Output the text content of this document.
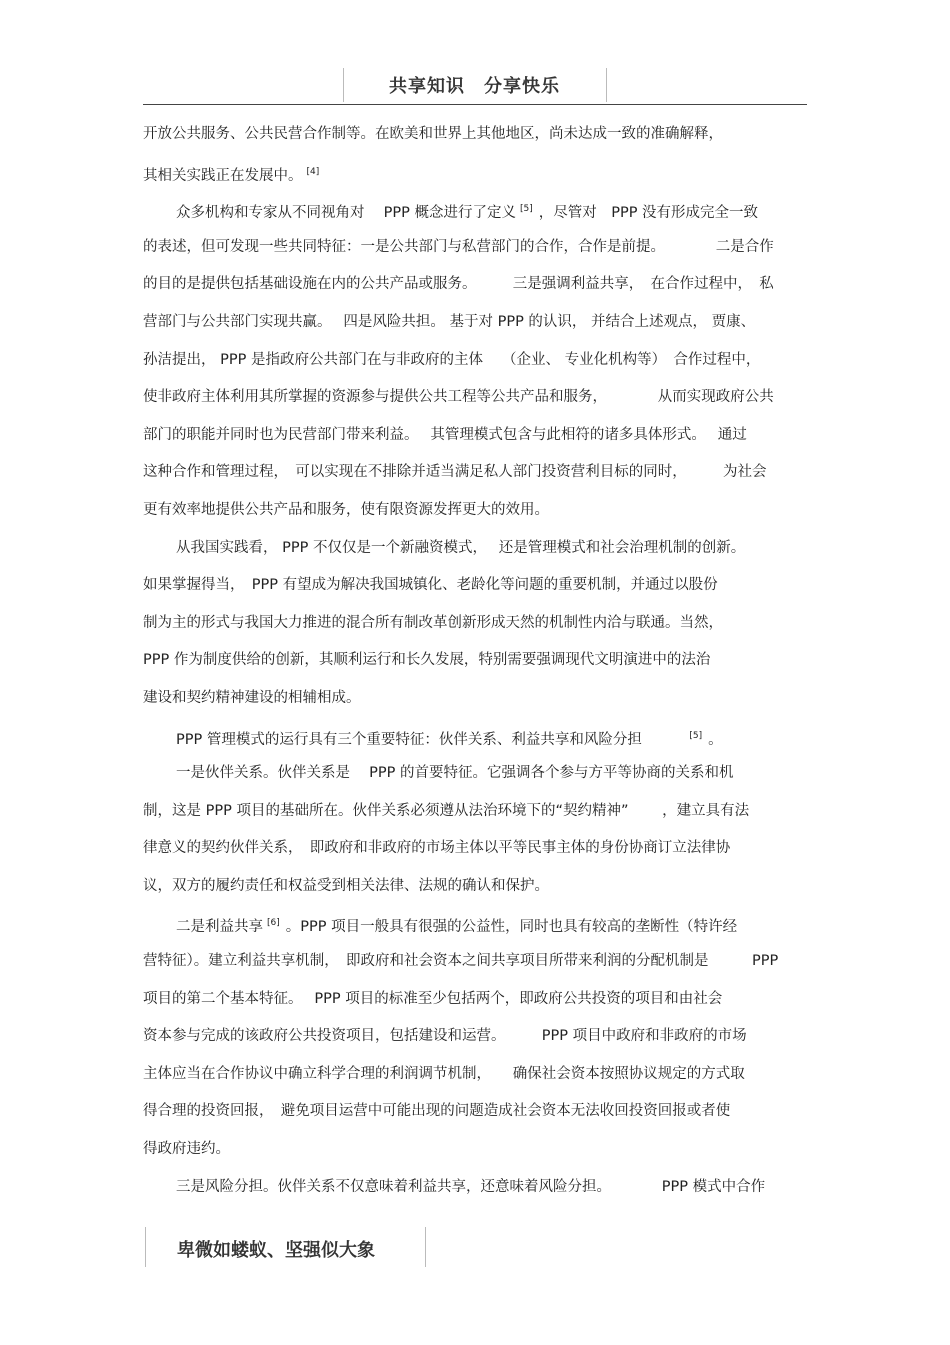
共享知识　分享快乐
开放公共服务、公共民营合作制等。在欧美和世界上其他地区，尚未达成一致的准确解释，
其相关实践正在发展中。 [4]
众多机构和专家从不同视角对　 PPP 概念进行了定义 [5] ，尽管对　PPP 没有形成完全一致
的表述，但可发现一些共同特征：一是公共部门与私营部门的合作，合作是前提。　　　　二是合作
的目的是提供包括基础设施在内的公共产品或服务。　　　三是强调利益共享，　在合作过程中，　私
营部门与公共部门实现共赢。　 四是风险共担。 基于对 PPP 的认识， 并结合上述观点， 贾康、
孙洁提出， PPP 是指政府公共部门在与非政府的主体　 （企业、 专业化机构等）　合作过程中，
使非政府主体利用其所掌握的资源参与提供公共工程等公共产品和服务，　　　　从而实现政府公共
部门的职能并同时也为民营部门带来利益。　 其管理模式包含与此相符的诸多具体形式。　 通过
这种合作和管理过程，　可以实现在不排除并适当满足私人部门投资营利目标的同时，　　　为社会
更有效率地提供公共产品和服务，使有限资源发挥更大的效用。
从我国实践看， PPP 不仅仅是一个新融资模式，　 还是管理模式和社会治理机制的创新。
如果掌握得当，　PPP 有望成为解决我国城镇化、老龄化等问题的重要机制，并通过以股份
制为主的形式与我国大力推进的混合所有制改革创新形成天然的机制性内洽与联通。当然，
PPP 作为制度供给的创新，其顺利运行和长久发展，特别需要强调现代文明演进中的法治
建设和契约精神建设的相辅相成。
PPP 管理模式的运行具有三个重要特征：伙伴关系、利益共享和风险分担　　　[5] 。
一是伙伴关系。伙伴关系是　 PPP 的首要特征。它强调各个参与方平等协商的关系和机
制，这是 PPP 项目的基础所在。伙伴关系必须遵从法治环境下的“契约精神”　　 ，建立具有法
律意义的契约伙伴关系，　即政府和非政府的市场主体以平等民事主体的身份协商订立法律协
议，双方的履约责任和权益受到相关法律、法规的确认和保护。
二是利益共享 [6] 。PPP 项目一般具有很强的公益性，同时也具有较高的垄断性（特许经
营特征）。建立利益共享机制，　即政府和社会资本之间共享项目所带来利润的分配机制是　　　PPP
项目的第二个基本特征。　 PPP 项目的标准至少包括两个，即政府公共投资的项目和由社会
资本参与完成的该政府公共投资项目，包括建设和运营。　　　PPP 项目中政府和非政府的市场
主体应当在合作协议中确立科学合理的利润调节机制，　　确保社会资本按照协议规定的方式取
得合理的投资回报，　避免项目运营中可能出现的问题造成社会资本无法收回投资回报或者使
得政府违约。
三是风险分担。伙伴关系不仅意味着利益共享，还意味着风险分担。　　　　PPP 模式中合作
卑微如蝼蚁、坚强似大象
